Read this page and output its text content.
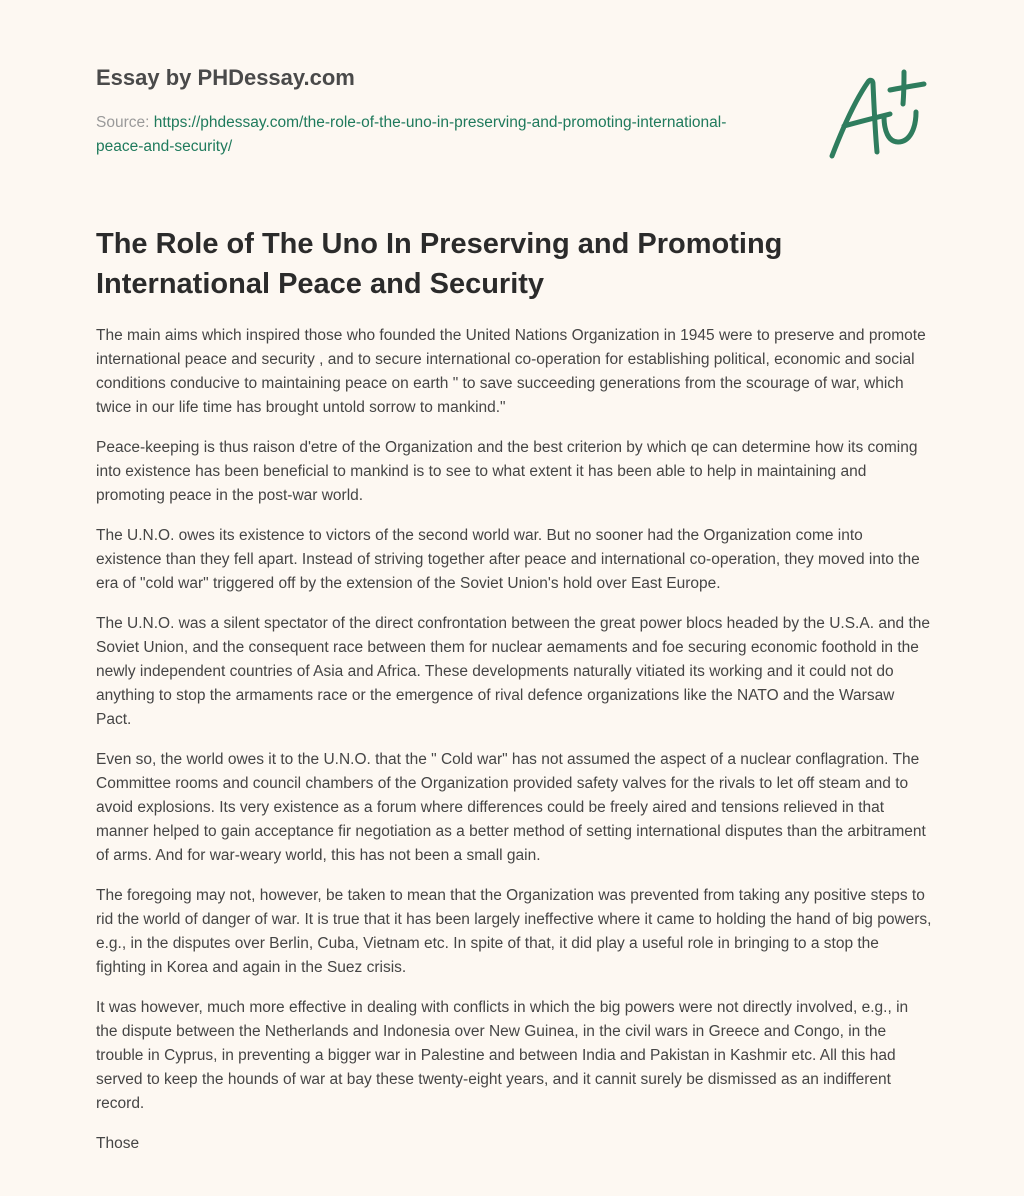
Essay by PHDessay.com

Source: https://phdessay.com/the-role-of-the-uno-in-preserving-and-promoting-international-peace-and-security/

The Role of The Uno In Preserving and Promoting International Peace and Security

The main aims which inspired those who founded the United Nations Organization in 1945 were to preserve and promote international peace and security , and to secure international co-operation for establishing political, economic and social conditions conducive to maintaining peace on earth " to save succeeding generations from the scourage of war, which twice in our life time has brought untold sorrow to mankind."

Peace-keeping is thus raison d'etre of the Organization and the best criterion by which qe can determine how its coming into existence has been beneficial to mankind is to see to what extent it has been able to help in maintaining and promoting peace in the post-war world.

The U.N.O. owes its existence to victors of the second world war. But no sooner had the Organization come into existence than they fell apart. Instead of striving together after peace and international co-operation, they moved into the era of "cold war" triggered off by the extension of the Soviet Union's hold over East Europe.

The U.N.O. was a silent spectator of the direct confrontation between the great power blocs headed by the U.S.A. and the Soviet Union, and the consequent race between them for nuclear aemaments and foe securing economic foothold in the newly independent countries of Asia and Africa. These developments naturally vitiated its working and it could not do anything to stop the armaments race or the emergence of rival defence organizations like the NATO and the Warsaw Pact.

Even so, the world owes it to the U.N.O. that the " Cold war" has not assumed the aspect of a nuclear conflagration. The Committee rooms and council chambers of the Organization provided safety valves for the rivals to let off steam and to avoid explosions. Its very existence as a forum where differences could be freely aired and tensions relieved in that manner helped to gain acceptance fir negotiation as a better method of setting international disputes than the arbitrament of arms. And for war-weary world, this has not been a small gain.

The foregoing may not, however, be taken to mean that the Organization was prevented from taking any positive steps to rid the world of danger of war. It is true that it has been largely ineffective where it came to holding the hand of big powers, e.g., in the disputes over Berlin, Cuba, Vietnam etc. In spite of that, it did play a useful role in bringing to a stop the fighting in Korea and again in the Suez crisis.

It was however, much more effective in dealing with conflicts in which the big powers were not directly involved, e.g., in the dispute between the Netherlands and Indonesia over New Guinea, in the civil wars in Greece and Congo, in the trouble in Cyprus, in preventing a bigger war in Palestine and between India and Pakistan in Kashmir etc. All this had served to keep the hounds of war at bay these twenty-eight years, and it cannit surely be dismissed as an indifferent record.

Those
